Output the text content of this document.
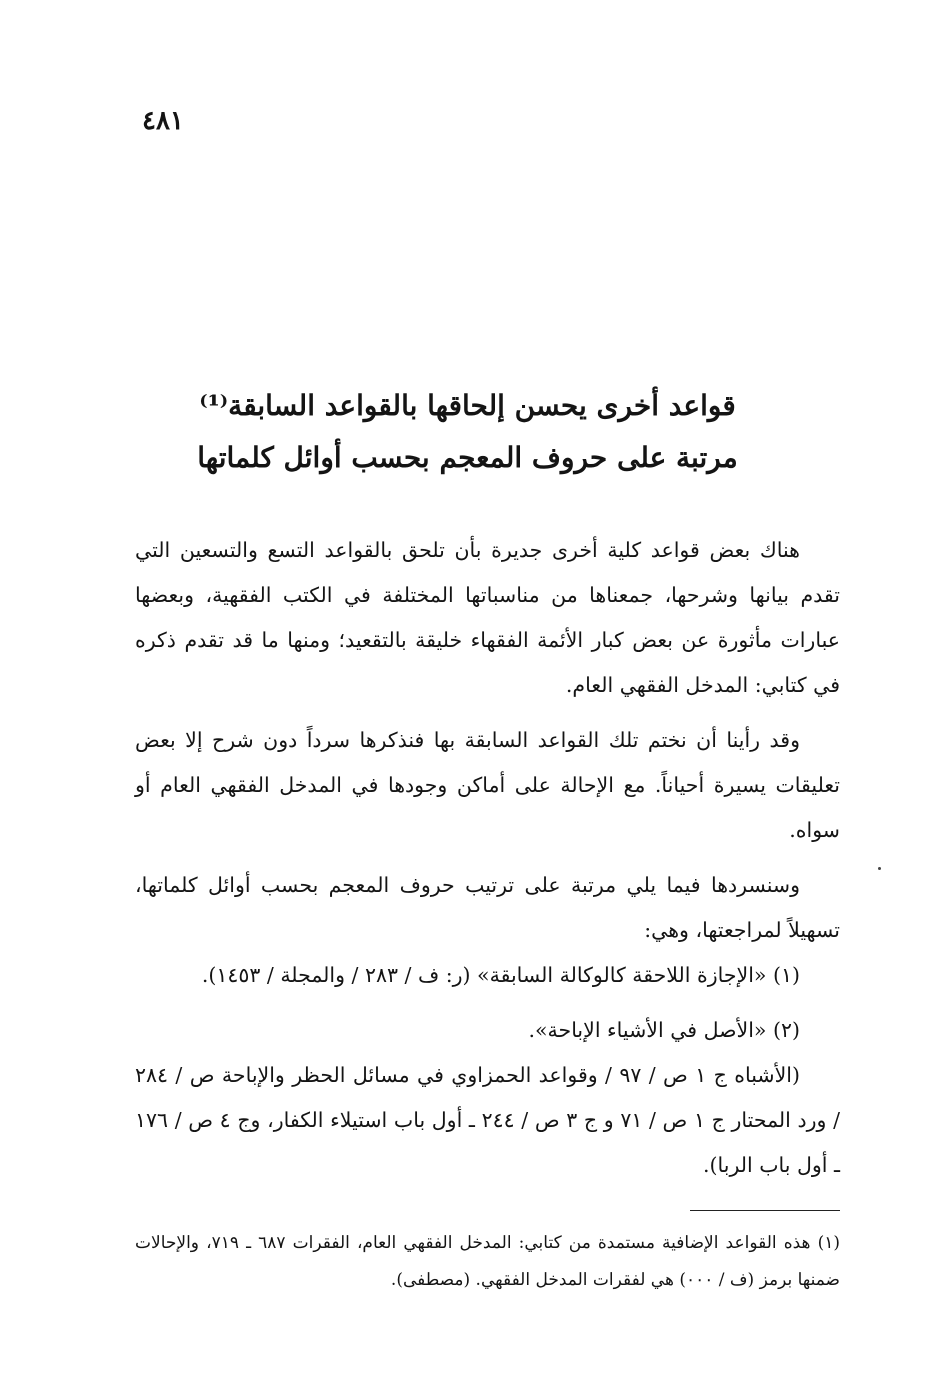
٤٨١
قواعد أخرى يحسن إلحاقها بالقواعد السابقة⁽¹⁾
مرتبة على حروف المعجم بحسب أوائل كلماتها

هناك بعض قواعد كلية أخرى جديرة بأن تلحق بالقواعد التسع والتسعين التي تقدم بيانها وشرحها، جمعناها من مناسباتها المختلفة في الكتب الفقهية، وبعضها عبارات مأثورة عن بعض كبار الأئمة الفقهاء خليقة بالتقعيد؛ ومنها ما قد تقدم ذكره في كتابي: المدخل الفقهي العام.

وقد رأينا أن نختم تلك القواعد السابقة بها فنذكرها سرداً دون شرح إلا بعض تعليقات يسيرة أحياناً. مع الإحالة على أماكن وجودها في المدخل الفقهي العام أو سواه.

وسنسردها فيما يلي مرتبة على ترتيب حروف المعجم بحسب أوائل كلماتها، تسهيلاً لمراجعتها، وهي:

(١) «الإجازة اللاحقة كالوكالة السابقة» (ر: ف / ٢٨٣ / والمجلة / ١٤٥٣).

(٢) «الأصل في الأشياء الإباحة».

(الأشباه ج ١ ص / ٩٧ / وقواعد الحمزاوي في مسائل الحظر والإباحة ص / ٢٨٤ / ورد المحتار ج ١ ص / ٧١ و ج ٣ ص / ٢٤٤ ـ أول باب استيلاء الكفار، وج ٤ ص / ١٧٦ ـ أول باب الربا).

(١) هذه القواعد الإضافية مستمدة من كتابي: المدخل الفقهي العام، الفقرات ٦٨٧ ـ ٧١٩، والإحالات ضمنها برمز (ف / ٠٠٠) هي لفقرات المدخل الفقهي. (مصطفى).
